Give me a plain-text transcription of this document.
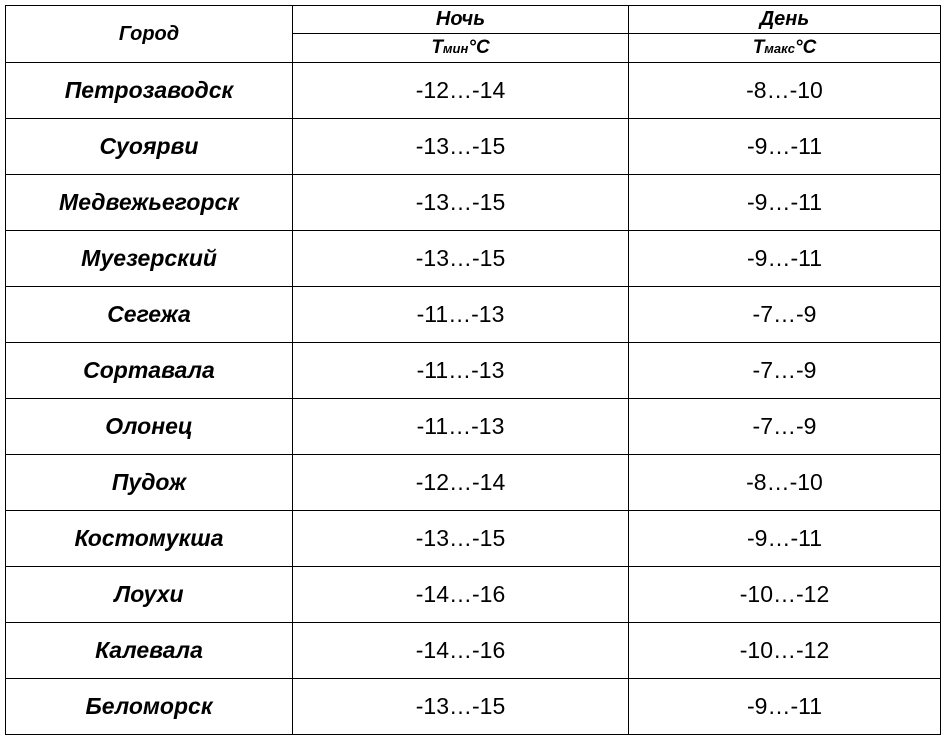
Город	Ночь	День
	Тмин°С	Тмакс°С
Петрозаводск	-12…-14	-8…-10
Суоярви	-13…-15	-9…-11
Медвежьегорск	-13…-15	-9…-11
Муезерский	-13…-15	-9…-11
Сегежа	-11…-13	-7…-9
Сортавала	-11…-13	-7…-9
Олонец	-11…-13	-7…-9
Пудож	-12…-14	-8…-10
Костомукша	-13…-15	-9…-11
Лоухи	-14…-16	-10…-12
Калевала	-14…-16	-10…-12
Беломорск	-13…-15	-9…-11
